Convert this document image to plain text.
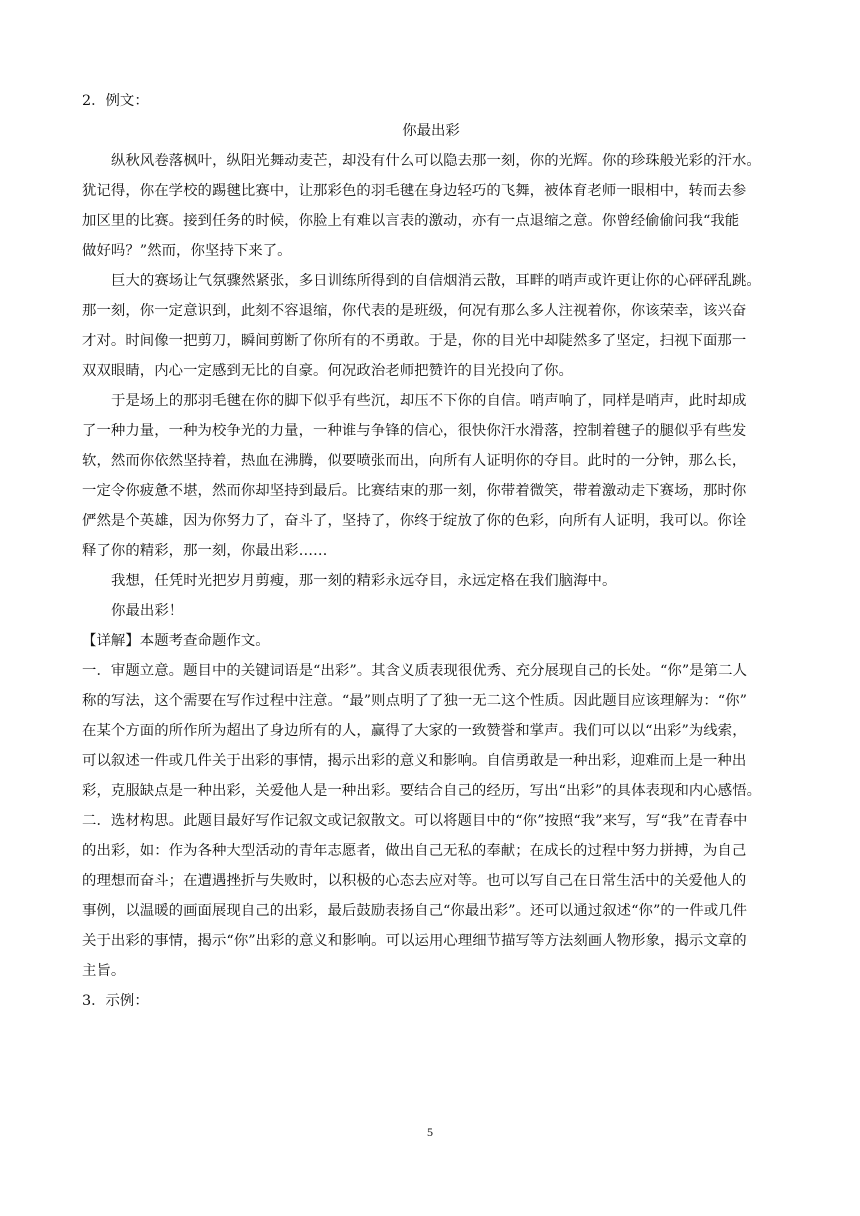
2．例文：
你最出彩
纵秋风卷落枫叶，纵阳光舞动麦芒，却没有什么可以隐去那一刻，你的光辉。你的珍珠般光彩的汗水。
犹记得，你在学校的踢毽比赛中，让那彩色的羽毛毽在身边轻巧的飞舞，被体育老师一眼相中，转而去参
加区里的比赛。接到任务的时候，你脸上有难以言表的激动，亦有一点退缩之意。你曾经偷偷问我“我能
做好吗？”然而，你坚持下来了。
巨大的赛场让气氛骤然紧张，多日训练所得到的自信烟消云散，耳畔的哨声或许更让你的心砰砰乱跳。
那一刻，你一定意识到，此刻不容退缩，你代表的是班级，何况有那么多人注视着你，你该荣幸，该兴奋
才对。时间像一把剪刀，瞬间剪断了你所有的不勇敢。于是，你的目光中却陡然多了坚定，扫视下面那一
双双眼睛，内心一定感到无比的自豪。何况政治老师把赞许的目光投向了你。
于是场上的那羽毛毽在你的脚下似乎有些沉，却压不下你的自信。哨声响了，同样是哨声，此时却成
了一种力量，一种为校争光的力量，一种谁与争锋的信心，很快你汗水滑落，控制着毽子的腿似乎有些发
软，然而你依然坚持着，热血在沸腾，似要喷张而出，向所有人证明你的夺目。此时的一分钟，那么长，
一定令你疲惫不堪，然而你却坚持到最后。比赛结束的那一刻，你带着微笑，带着激动走下赛场，那时你
俨然是个英雄，因为你努力了，奋斗了，坚持了，你终于绽放了你的色彩，向所有人证明，我可以。你诠
释了你的精彩，那一刻，你最出彩……
我想，任凭时光把岁月剪瘦，那一刻的精彩永远夺目，永远定格在我们脑海中。
你最出彩！
【详解】本题考查命题作文。
一．审题立意。题目中的关键词语是“出彩”。其含义质表现很优秀、充分展现自己的长处。“你”是第二人
称的写法，这个需要在写作过程中注意。“最”则点明了了独一无二这个性质。因此题目应该理解为：“你”
在某个方面的所作所为超出了身边所有的人，赢得了大家的一致赞誉和掌声。我们可以以“出彩”为线索，
可以叙述一件或几件关于出彩的事情，揭示出彩的意义和影响。自信勇敢是一种出彩，迎难而上是一种出
彩，克服缺点是一种出彩，关爱他人是一种出彩。要结合自己的经历，写出“出彩”的具体表现和内心感悟。
二．选材构思。此题目最好写作记叙文或记叙散文。可以将题目中的“你”按照“我”来写，写“我”在青春中
的出彩，如：作为各种大型活动的青年志愿者，做出自己无私的奉献；在成长的过程中努力拼搏，为自己
的理想而奋斗；在遭遇挫折与失败时，以积极的心态去应对等。也可以写自己在日常生活中的关爱他人的
事例，以温暖的画面展现自己的出彩，最后鼓励表扬自己“你最出彩”。还可以通过叙述“你”的一件或几件
关于出彩的事情，揭示“你”出彩的意义和影响。可以运用心理细节描写等方法刻画人物形象，揭示文章的
主旨。
3．示例：
5
